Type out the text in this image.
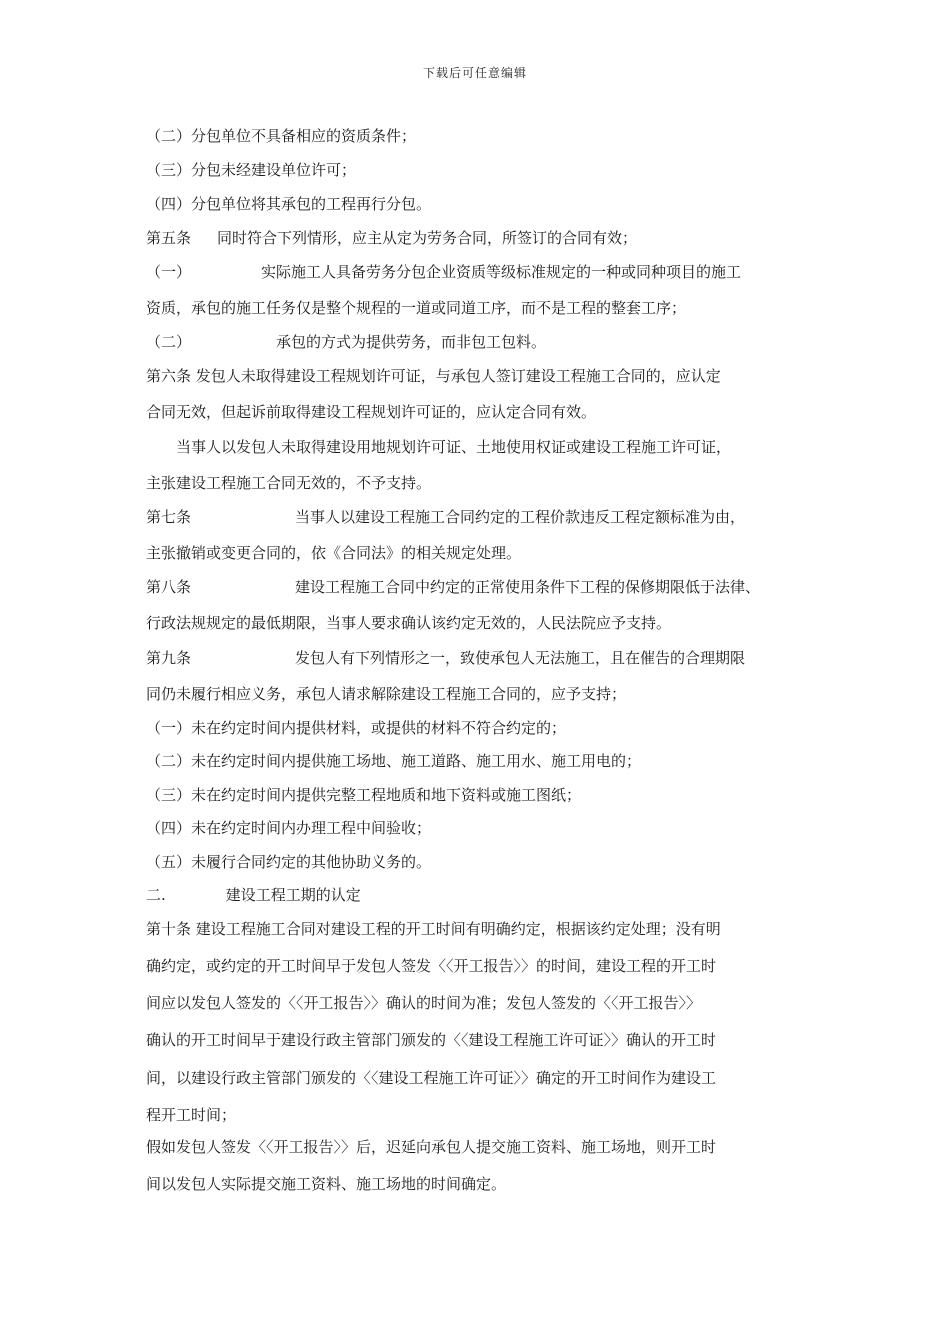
下载后可任意编辑
（二）分包单位不具备相应的资质条件；
（三）分包未经建设单位许可；
（四）分包单位将其承包的工程再行分包。
第五条 同时符合下列情形，应主从定为劳务合同，所签订的合同有效；
（一）	实际施工人具备劳务分包企业资质等级标准规定的一种或同种项目的施工
资质，承包的施工任务仅是整个规程的一道或同道工序，而不是工程的整套工序；
（二）	承包的方式为提供劳务，而非包工包料。
第六条 发包人未取得建设工程规划许可证，与承包人签订建设工程施工合同的，应认定
合同无效，但起诉前取得建设工程规划许可证的，应认定合同有效。
当事人以发包人未取得建设用地规划许可证、土地使用权证或建设工程施工许可证，
主张建设工程施工合同无效的，不予支持。
第七条	当事人以建设工程施工合同约定的工程价款违反工程定额标准为由，
主张撤销或变更合同的，依《合同法》的相关规定处理。
第八条	建设工程施工合同中约定的正常使用条件下工程的保修期限低于法律、
行政法规规定的最低期限，当事人要求确认该约定无效的，人民法院应予支持。
第九条	发包人有下列情形之一，致使承包人无法施工，且在催告的合理期限
同仍未履行相应义务，承包人请求解除建设工程施工合同的，应予支持；
（一）未在约定时间内提供材料，或提供的材料不符合约定的；
（二）未在约定时间内提供施工场地、施工道路、施工用水、施工用电的；
（三）未在约定时间内提供完整工程地质和地下资料或施工图纸；
（四）未在约定时间内办理工程中间验收；
（五）未履行合同约定的其他协助义务的。
二.	建设工程工期的认定
第十条 建设工程施工合同对建设工程的开工时间有明确约定，根据该约定处理；没有明
确约定，或约定的开工时间早于发包人签发〈〈开工报告〉〉的时间，建设工程的开工时
间应以发包人签发的〈〈开工报告〉〉确认的时间为准；发包人签发的〈〈开工报告〉〉
确认的开工时间早于建设行政主管部门颁发的〈〈建设工程施工许可证〉〉确认的开工时
间，以建设行政主管部门颁发的〈〈建设工程施工许可证〉〉确定的开工时间作为建设工
程开工时间；
假如发包人签发〈〈开工报告〉〉后，迟延向承包人提交施工资料、施工场地，则开工时
间以发包人实际提交施工资料、施工场地的时间确定。
